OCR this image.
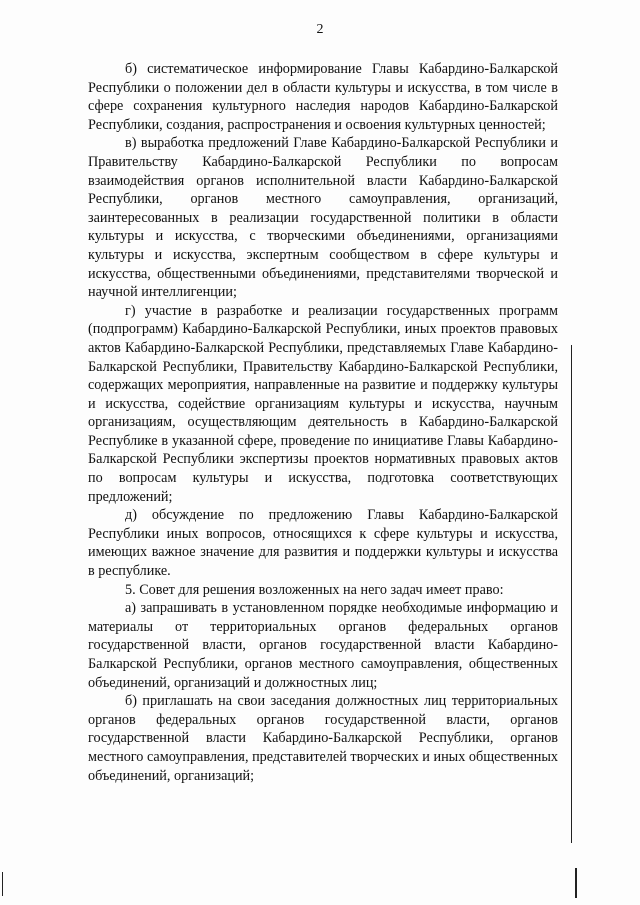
2

б) систематическое информирование Главы Кабардино-Балкарской Республики о положении дел в области культуры и искусства, в том числе в сфере сохранения культурного наследия народов Кабардино-Балкарской Республики, создания, распространения и освоения культурных ценностей;

в) выработка предложений Главе Кабардино-Балкарской Республики и Правительству Кабардино-Балкарской Республики по вопросам взаимодействия органов исполнительной власти Кабардино-Балкарской Республики, органов местного самоуправления, организаций, заинтересованных в реализации государственной политики в области культуры и искусства, с творческими объединениями, организациями культуры и искусства, экспертным сообществом в сфере культуры и искусства, общественными объединениями, представителями творческой и научной интеллигенции;

г) участие в разработке и реализации государственных программ (подпрограмм) Кабардино-Балкарской Республики, иных проектов правовых актов Кабардино-Балкарской Республики, представляемых Главе Кабардино-Балкарской Республики, Правительству Кабардино-Балкарской Республики, содержащих мероприятия, направленные на развитие и поддержку культуры и искусства, содействие организациям культуры и искусства, научным организациям, осуществляющим деятельность в Кабардино-Балкарской Республике в указанной сфере, проведение по инициативе Главы Кабардино-Балкарской Республики экспертизы проектов нормативных правовых актов по вопросам культуры и искусства, подготовка соответствующих предложений;

д) обсуждение по предложению Главы Кабардино-Балкарской Республики иных вопросов, относящихся к сфере культуры и искусства, имеющих важное значение для развития и поддержки культуры и искусства в республике.

5. Совет для решения возложенных на него задач имеет право:

а) запрашивать в установленном порядке необходимые информацию и материалы от территориальных органов федеральных органов государственной власти, органов государственной власти Кабардино-Балкарской Республики, органов местного самоуправления, общественных объединений, организаций и должностных лиц;

б) приглашать на свои заседания должностных лиц территориальных органов федеральных органов государственной власти, органов государственной власти Кабардино-Балкарской Республики, органов местного самоуправления, представителей творческих и иных общественных объединений, организаций;
